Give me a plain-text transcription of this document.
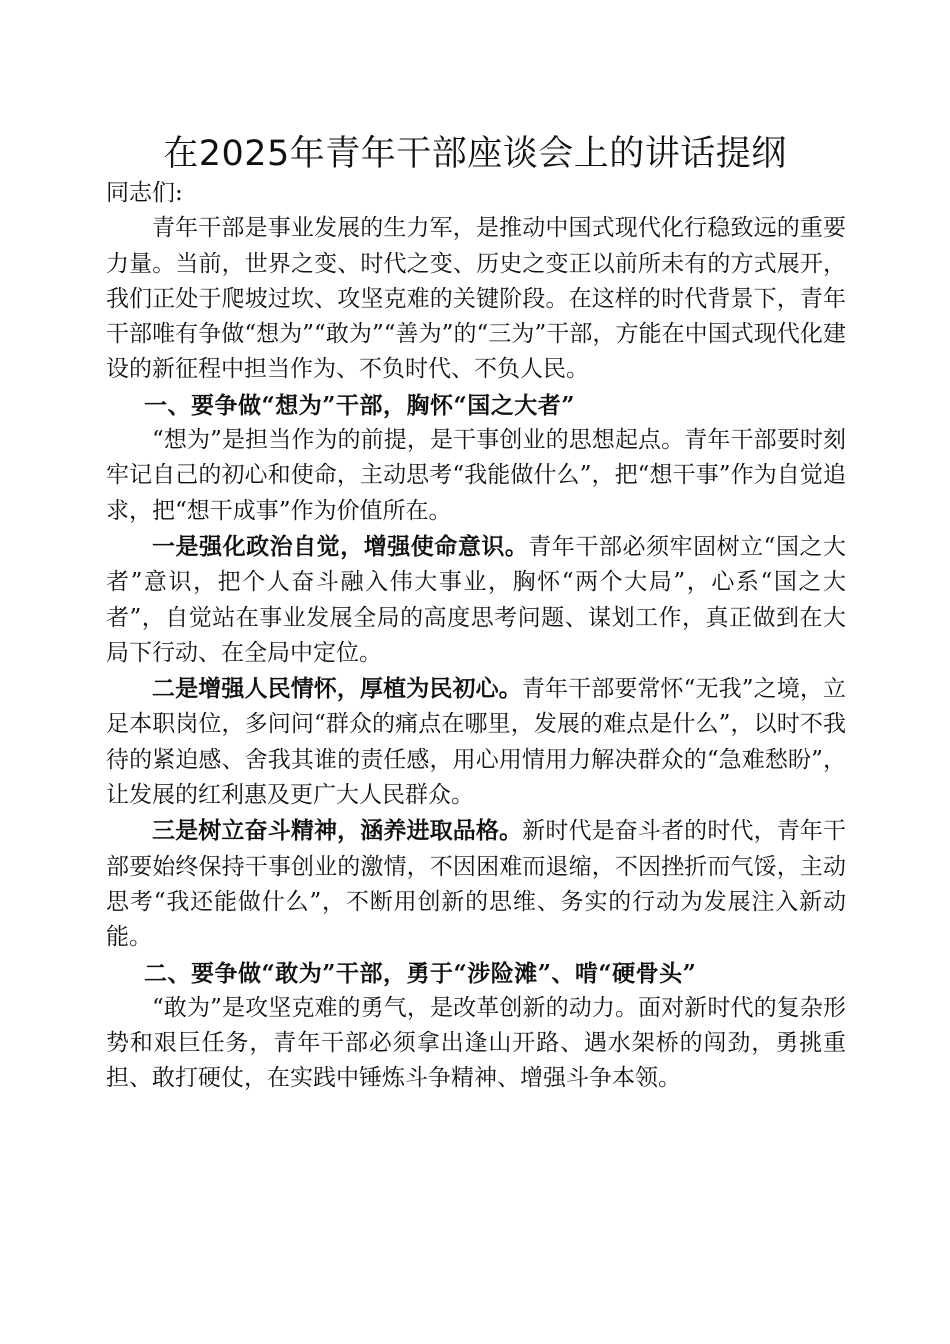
在2025年青年干部座谈会上的讲话提纲

同志们:

青年干部是事业发展的生力军，是推动中国式现代化行稳致远的重要力量。当前，世界之变、时代之变、历史之变正以前所未有的方式展开，我们正处于爬坡过坎、攻坚克难的关键阶段。在这样的时代背景下，青年干部唯有争做“想为”“敢为”“善为”的“三为”干部，方能在中国式现代化建设的新征程中担当作为、不负时代、不负人民。

一、要争做“想为”干部，胸怀“国之大者”

“想为”是担当作为的前提，是干事创业的思想起点。青年干部要时刻牢记自己的初心和使命，主动思考“我能做什么”，把“想干事”作为自觉追求，把“想干成事”作为价值所在。

一是强化政治自觉，增强使命意识。青年干部必须牢固树立“国之大者”意识，把个人奋斗融入伟大事业，胸怀“两个大局”，心系“国之大者”，自觉站在事业发展全局的高度思考问题、谋划工作，真正做到在大局下行动、在全局中定位。

二是增强人民情怀，厚植为民初心。青年干部要常怀“无我”之境，立足本职岗位，多问问“群众的痛点在哪里，发展的难点是什么”，以时不我待的紧迫感、舍我其谁的责任感，用心用情用力解决群众的“急难愁盼”，让发展的红利惠及更广大人民群众。

三是树立奋斗精神，涵养进取品格。新时代是奋斗者的时代，青年干部要始终保持干事创业的激情，不因困难而退缩，不因挫折而气馁，主动思考“我还能做什么”，不断用创新的思维、务实的行动为发展注入新动能。

二、要争做“敢为”干部，勇于“涉险滩”、啃“硬骨头”

“敢为”是攻坚克难的勇气，是改革创新的动力。面对新时代的复杂形势和艰巨任务，青年干部必须拿出逢山开路、遇水架桥的闯劲，勇挑重担、敢打硬仗，在实践中锤炼斗争精神、增强斗争本领。
